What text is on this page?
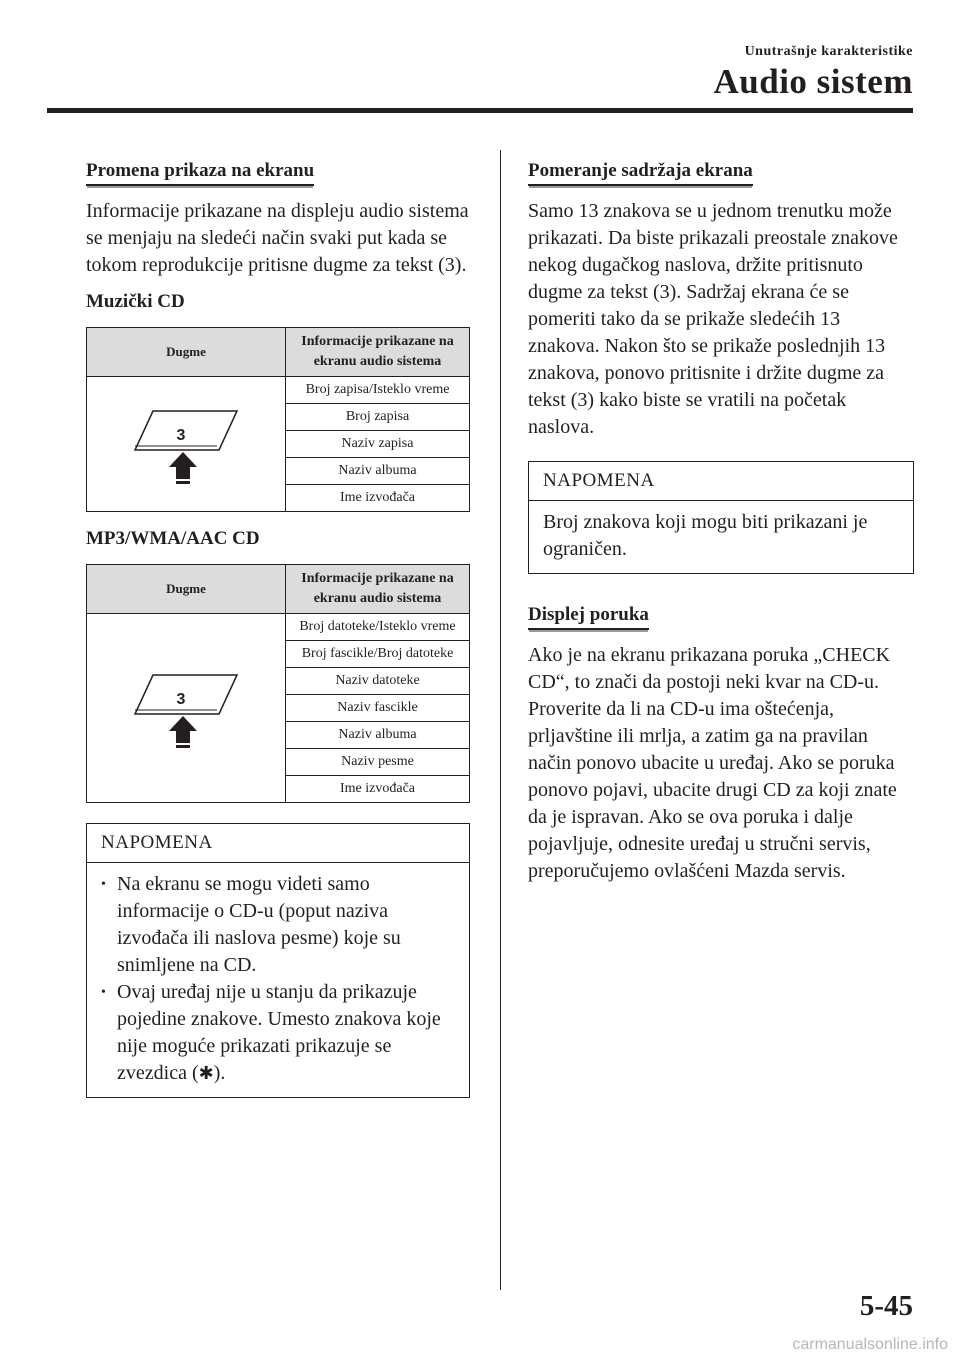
Unutrašnje karakteristike
Audio sistem
Promena prikaza na ekranu

Informacije prikazane na displeju audio sistema se menjaju na sledeći način svaki put kada se tokom reprodukcije pritisne dugme za tekst (3).

Muzički CD

Dugme	Informacije prikazane na ekranu audio sistema

3	Broj zapisa/Isteklo vreme
	Broj zapisa
	Naziv zapisa
	Naziv albuma
	Ime izvođača

MP3/WMA/AAC CD

Dugme	Informacije prikazane na ekranu audio sistema

3	Broj datoteke/Isteklo vreme
	Broj fascikle/Broj datoteke
	Naziv datoteke
	Naziv fascikle
	Naziv albuma
	Naziv pesme
	Ime izvođača
NAPOMENA
• Na ekranu se mogu videti samo informacije o CD-u (poput naziva izvođača ili naslova pesme) koje su snimljene na CD.
• Ovaj uređaj nije u stanju da prikazuje pojedine znakove. Umesto znakova koje nije moguće prikazati prikazuje se zvezdica (✱).
Pomeranje sadržaja ekrana

Samo 13 znakova se u jednom trenutku može prikazati. Da biste prikazali preostale znakove nekog dugačkog naslova, držite pritisnuto dugme za tekst (3). Sadržaj ekrana će se pomeriti tako da se prikaže sledećih 13 znakova. Nakon što se prikaže poslednjih 13 znakova, ponovo pritisnite i držite dugme za tekst (3) kako biste se vratili na početak naslova.

NAPOMENA
Broj znakova koji mogu biti prikazani je ograničen.
Displej poruka

Ako je na ekranu prikazana poruka „CHECK CD“, to znači da postoji neki kvar na CD-u. Proverite da li na CD-u ima oštećenja, prljavštine ili mrlja, a zatim ga na pravilan način ponovo ubacite u uređaj. Ako se poruka ponovo pojavi, ubacite drugi CD za koji znate da je ispravan. Ako se ova poruka i dalje pojavljuje, odnesite uređaj u stručni servis, preporučujemo ovlašćeni Mazda servis.

5-45
carmanualsonline.info
